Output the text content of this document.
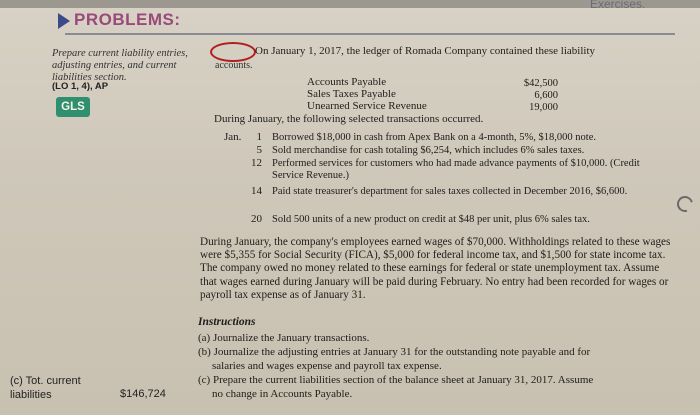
Exercises.
PROBLEMS:
Prepare current liability entries, adjusting entries, and current liabilities section.
(LO 1, 4), AP
GLS
On January 1, 2017, the ledger of Romada Company contained these liability
accounts.
Accounts Payable	$42,500
Sales Taxes Payable	6,600
Unearned Service Revenue	19,000
During January, the following selected transactions occurred.
Jan.	1 Borrowed $18,000 in cash from Apex Bank on a 4-month, 5%, $18,000 note.
5 Sold merchandise for cash totaling $6,254, which includes 6% sales taxes.
12 Performed services for customers who had made advance payments of $10,000. (Credit Service Revenue.)
14 Paid state treasurer's department for sales taxes collected in December 2016, $6,600.
20 Sold 500 units of a new product on credit at $48 per unit, plus 6% sales tax.
During January, the company's employees earned wages of $70,000. Withholdings related to these wages were $5,355 for Social Security (FICA), $5,000 for federal income tax, and $1,500 for state income tax. The company owed no money related to these earnings for federal or state unemployment tax. Assume that wages earned during January will be paid during February. No entry had been recorded for wages or payroll tax expense as of January 31.
Instructions
(a) Journalize the January transactions.
(b) Journalize the adjusting entries at January 31 for the outstanding note payable and for
salaries and wages expense and payroll tax expense.
(c) Prepare the current liabilities section of the balance sheet at January 31, 2017. Assume
no change in Accounts Payable.
(c) Tot. current liabilities	$146,724
